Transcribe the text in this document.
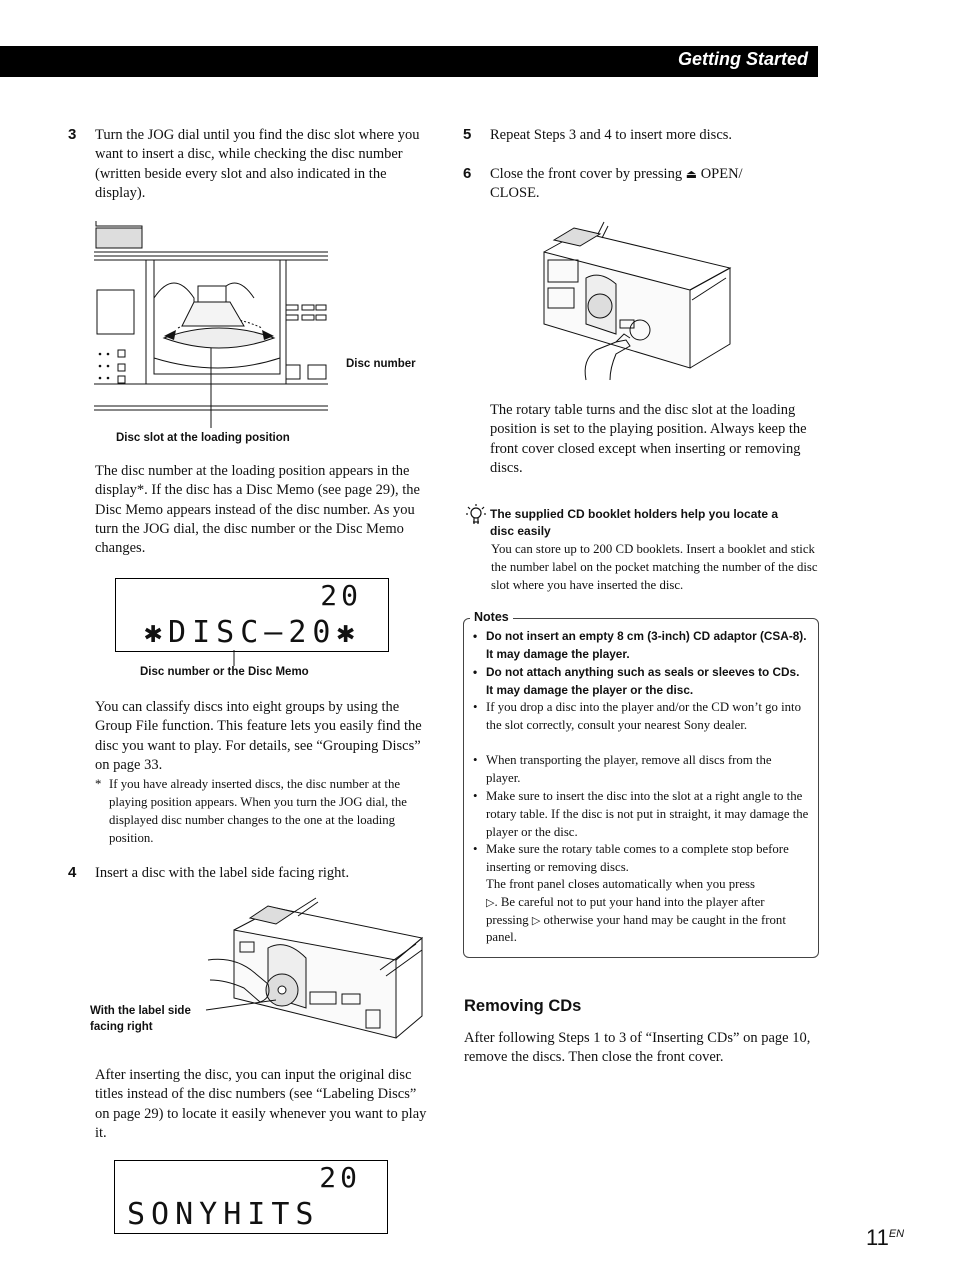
Getting Started
3 Turn the JOG dial until you find the disc slot where you want to insert a disc, while checking the disc number (written beside every slot and also indicated in the display).
Disc number
Disc slot at the loading position
The disc number at the loading position appears in the display*. If the disc has a Disc Memo (see page 29), the Disc Memo appears instead of the disc number. As you turn the JOG dial, the disc number or the Disc Memo changes.
20
✱DISC–20✱
Disc number or the Disc Memo
You can classify discs into eight groups by using the Group File function. This feature lets you easily find the disc you want to play. For details, see “Grouping Discs” on page 33.
* If you have already inserted discs, the disc number at the playing position appears. When you turn the JOG dial, the displayed disc number changes to the one at the loading position.
4 Insert a disc with the label side facing right.
With the label side
facing right
After inserting the disc, you can input the original disc titles instead of the disc numbers (see “Labeling Discs” on page 29) to locate it easily whenever you want to play it.
20
SONYHITS
5 Repeat Steps 3 and 4 to insert more discs.
6 Close the front cover by pressing ⏏ OPEN/
CLOSE.
The rotary table turns and the disc slot at the loading position is set to the playing position. Always keep the front cover closed except when inserting or removing discs.
The supplied CD booklet holders help you locate a
disc easily
You can store up to 200 CD booklets. Insert a booklet and stick the number label on the pocket matching the number of the disc slot where you have inserted the disc.
Notes
• Do not insert an empty 8 cm (3-inch) CD adaptor (CSA-8). It may damage the player.
• Do not attach anything such as seals or sleeves to CDs. It may damage the player or the disc.
• If you drop a disc into the player and/or the CD won’t go into the slot correctly, consult your nearest Sony dealer.
• When transporting the player, remove all discs from the player.
• Make sure to insert the disc into the slot at a right angle to the rotary table. If the disc is not put in straight, it may damage the player or the disc.
• Make sure the rotary table comes to a complete stop before inserting or removing discs.
The front panel closes automatically when you press
▷. Be careful not to put your hand into the player after pressing ▷ otherwise your hand may be caught in the front panel.
Removing CDs
After following Steps 1 to 3 of “Inserting CDs” on page 10, remove the discs. Then close the front cover.
$11^{EN}$
